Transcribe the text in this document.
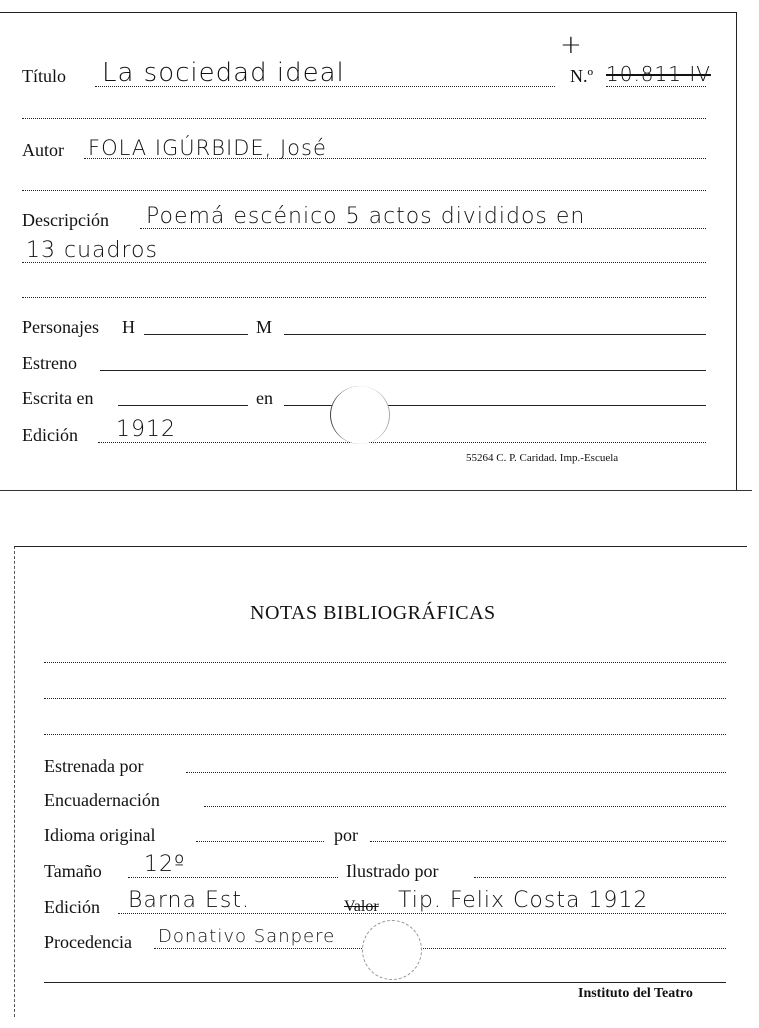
+
Título La sociedad ideal	N.º 10.811 IV
Autor FOLA IGÚRBIDE, José
Descripción Poemá escénico 5 actos divididos en
13 cuadros
Personajes H	M
Estreno
Escrita en	en
Edición 1912
55264 C. P. Caridad. Imp.-Escuela
NOTAS BIBLIOGRÁFICAS
Estrenada por
Encuadernación
Idioma original	por
Tamaño 12º	Ilustrado por
Edición Barna Est.	Valor Tip. Felix Costa 1912
Procedencia Donativo Sanpere
Instituto del Teatro
